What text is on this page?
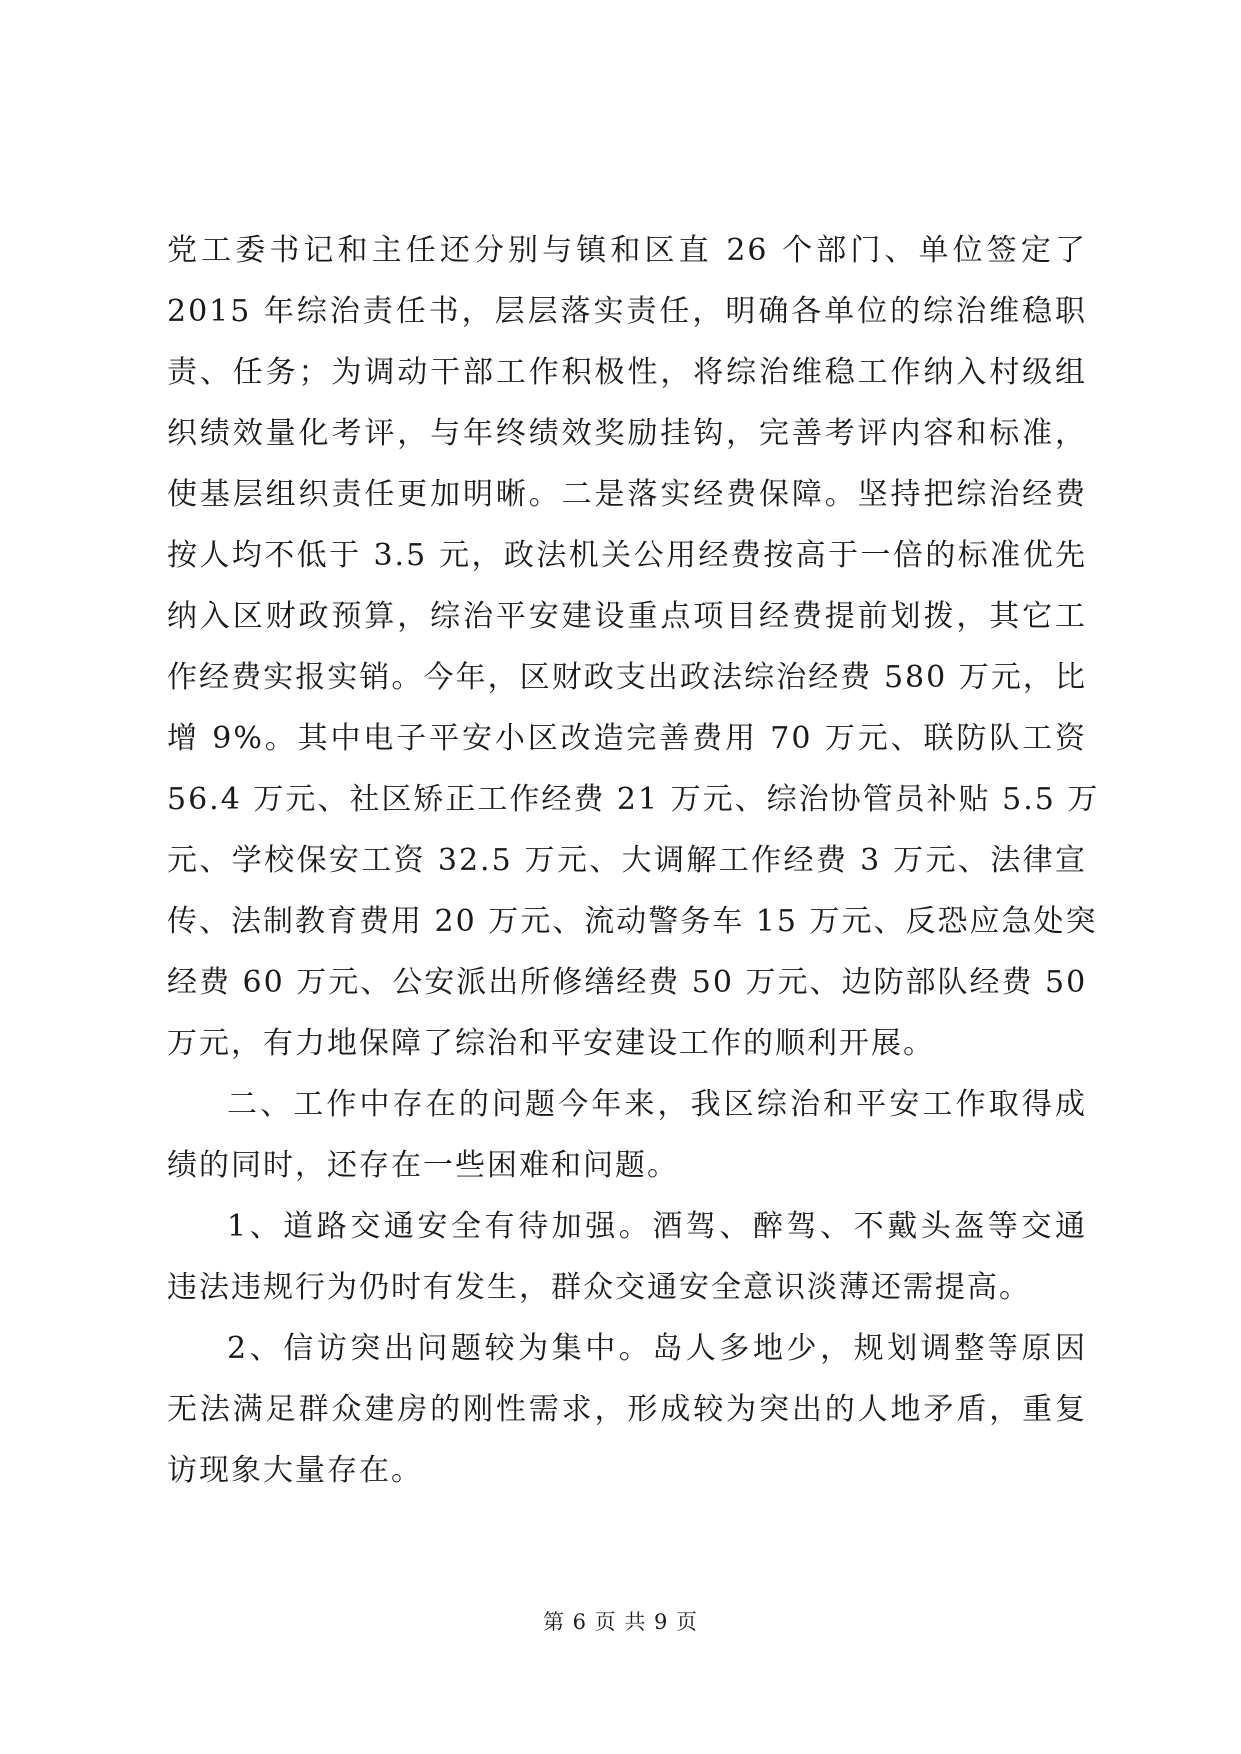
党工委书记和主任还分别与镇和区直 26 个部门、单位签定了
2015 年综治责任书，层层落实责任，明确各单位的综治维稳职
责、任务；为调动干部工作积极性，将综治维稳工作纳入村级组
织绩效量化考评，与年终绩效奖励挂钩，完善考评内容和标准，
使基层组织责任更加明晰。二是落实经费保障。坚持把综治经费
按人均不低于 3.5 元，政法机关公用经费按高于一倍的标准优先
纳入区财政预算，综治平安建设重点项目经费提前划拨，其它工
作经费实报实销。今年，区财政支出政法综治经费 580 万元，比
增 9%。其中电子平安小区改造完善费用 70 万元、联防队工资
56.4 万元、社区矫正工作经费 21 万元、综治协管员补贴 5.5 万
元、学校保安工资 32.5 万元、大调解工作经费 3 万元、法律宣
传、法制教育费用 20 万元、流动警务车 15 万元、反恐应急处突
经费 60 万元、公安派出所修缮经费 50 万元、边防部队经费 50
万元，有力地保障了综治和平安建设工作的顺利开展。
二、工作中存在的问题今年来，我区综治和平安工作取得成
绩的同时，还存在一些困难和问题。
1、道路交通安全有待加强。酒驾、醉驾、不戴头盔等交通
违法违规行为仍时有发生，群众交通安全意识淡薄还需提高。
2、信访突出问题较为集中。岛人多地少，规划调整等原因
无法满足群众建房的刚性需求，形成较为突出的人地矛盾，重复
访现象大量存在。
第 6 页 共 9 页
